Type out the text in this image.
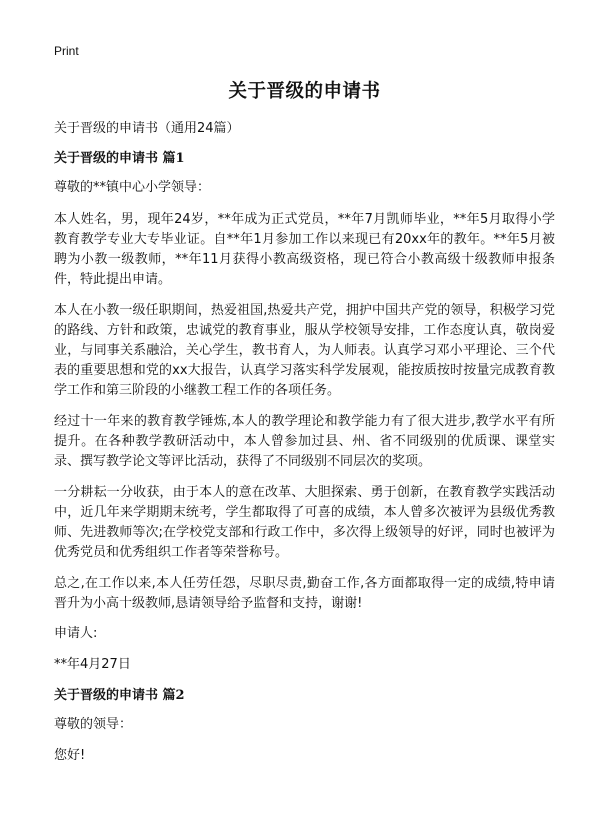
Print
关于晋级的申请书
关于晋级的申请书（通用24篇）
关于晋级的申请书 篇1
尊敬的**镇中心小学领导：

本人姓名，男，现年24岁，**年成为正式党员，**年7月凯师毕业，**年5月取得小学教育教学专业大专毕业证。自**年1月参加工作以来现已有20xx年的教年。**年5月被聘为小教一级教师，**年11月获得小教高级资格，现已符合小教高级十级教师申报条件，特此提出申请。

本人在小教一级任职期间，热爱祖国,热爱共产党，拥护中国共产党的领导，积极学习党的路线、方针和政策，忠诚党的教育事业，服从学校领导安排，工作态度认真，敬岗爱业，与同事关系融洽，关心学生，教书育人，为人师表。认真学习邓小平理论、三个代表的重要思想和党的xx大报告，认真学习落实科学发展观，能按质按时按量完成教育教学工作和第三阶段的小继教工程工作的各项任务。

经过十一年来的教育教学锤炼,本人的教学理论和教学能力有了很大进步,教学水平有所提升。在各种教学教研活动中，本人曾参加过县、州、省不同级别的优质课、课堂实录、撰写教学论文等评比活动，获得了不同级别不同层次的奖项。

一分耕耘一分收获，由于本人的意在改革、大胆探索、勇于创新，在教育教学实践活动中，近几年来学期期末统考，学生都取得了可喜的成绩，本人曾多次被评为县级优秀教师、先进教师等次;在学校党支部和行政工作中，多次得上级领导的好评，同时也被评为优秀党员和优秀组织工作者等荣誉称号。

总之,在工作以来,本人任劳任怨，尽职尽责,勤奋工作,各方面都取得一定的成绩,特申请晋升为小高十级教师,恳请领导给予监督和支持，谢谢!

申请人:
**年4月27日
关于晋级的申请书 篇2
尊敬的领导：
您好!
